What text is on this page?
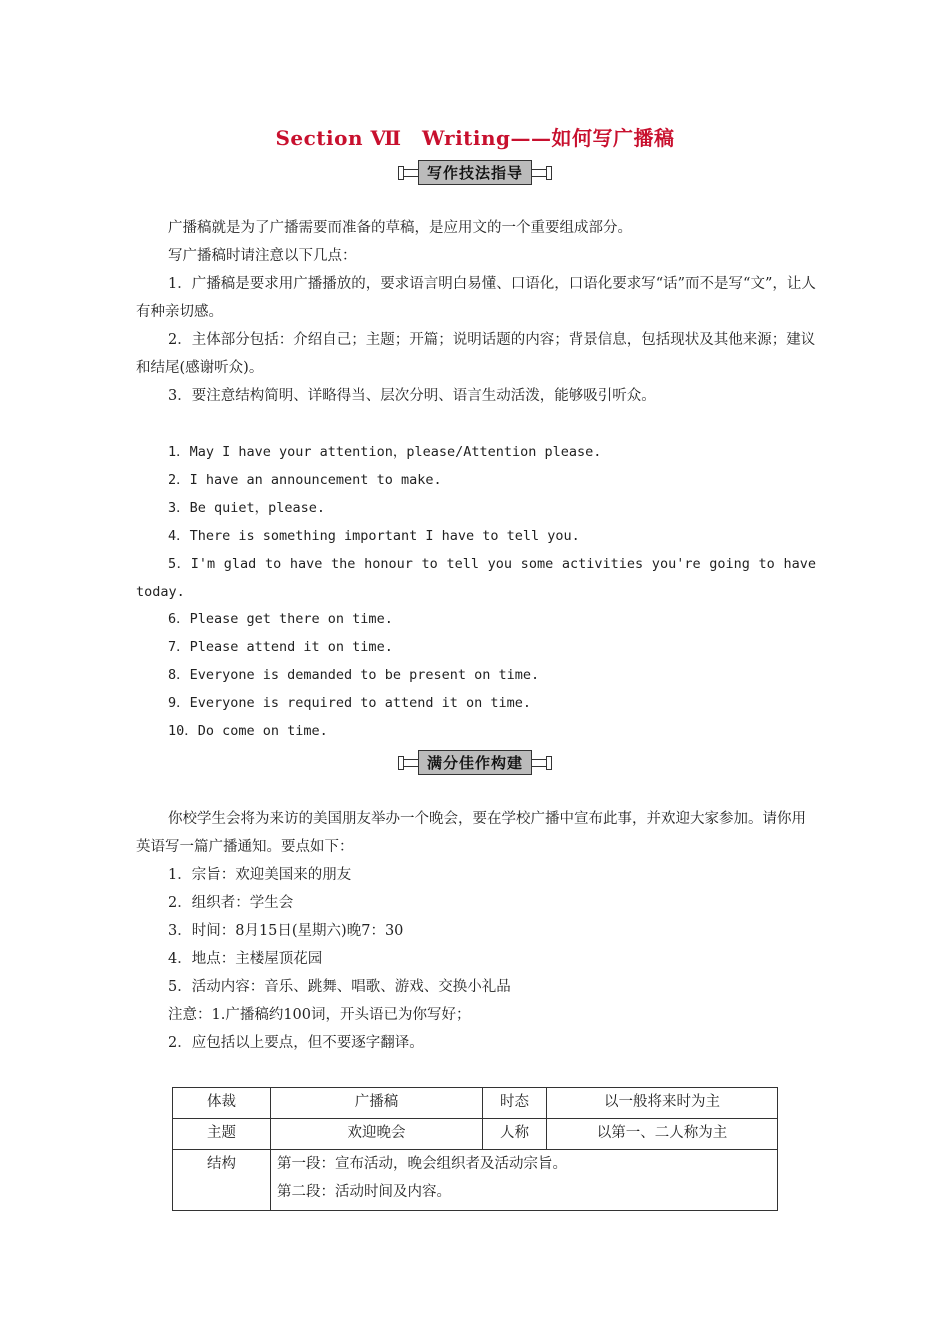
Section Ⅶ　Writing——如何写广播稿
写作技法指导
广播稿就是为了广播需要而准备的草稿，是应用文的一个重要组成部分。
写广播稿时请注意以下几点：
1．广播稿是要求用广播播放的，要求语言明白易懂、口语化，口语化要求写“话”而不是写“文”，让人有种亲切感。
2．主体部分包括：介绍自己；主题；开篇；说明话题的内容；背景信息，包括现状及其他来源；建议和结尾(感谢听众)。
3．要注意结构简明、详略得当、层次分明、语言生动活泼，能够吸引听众。
1．May I have your attention，please/Attention please.
2．I have an announcement to make.
3．Be quiet，please.
4．There is something important I have to tell you.
5．I'm glad to have the honour to tell you some activities you're going to have today.
6．Please get there on time.
7．Please attend it on time.
8．Everyone is demanded to be present on time.
9．Everyone is required to attend it on time.
10．Do come on time.
满分佳作构建
你校学生会将为来访的美国朋友举办一个晚会，要在学校广播中宣布此事，并欢迎大家参加。请你用英语写一篇广播通知。要点如下：
1．宗旨：欢迎美国来的朋友
2．组织者：学生会
3．时间：8月15日(星期六)晚7：30
4．地点：主楼屋顶花园
5．活动内容：音乐、跳舞、唱歌、游戏、交换小礼品
注意：1.广播稿约100词，开头语已为你写好；
2．应包括以上要点，但不要逐字翻译。
体裁	广播稿	时态	以一般将来时为主
主题	欢迎晚会	人称	以第一、二人称为主
结构	第一段：宣布活动，晚会组织者及活动宗旨。
第二段：活动时间及内容。		
